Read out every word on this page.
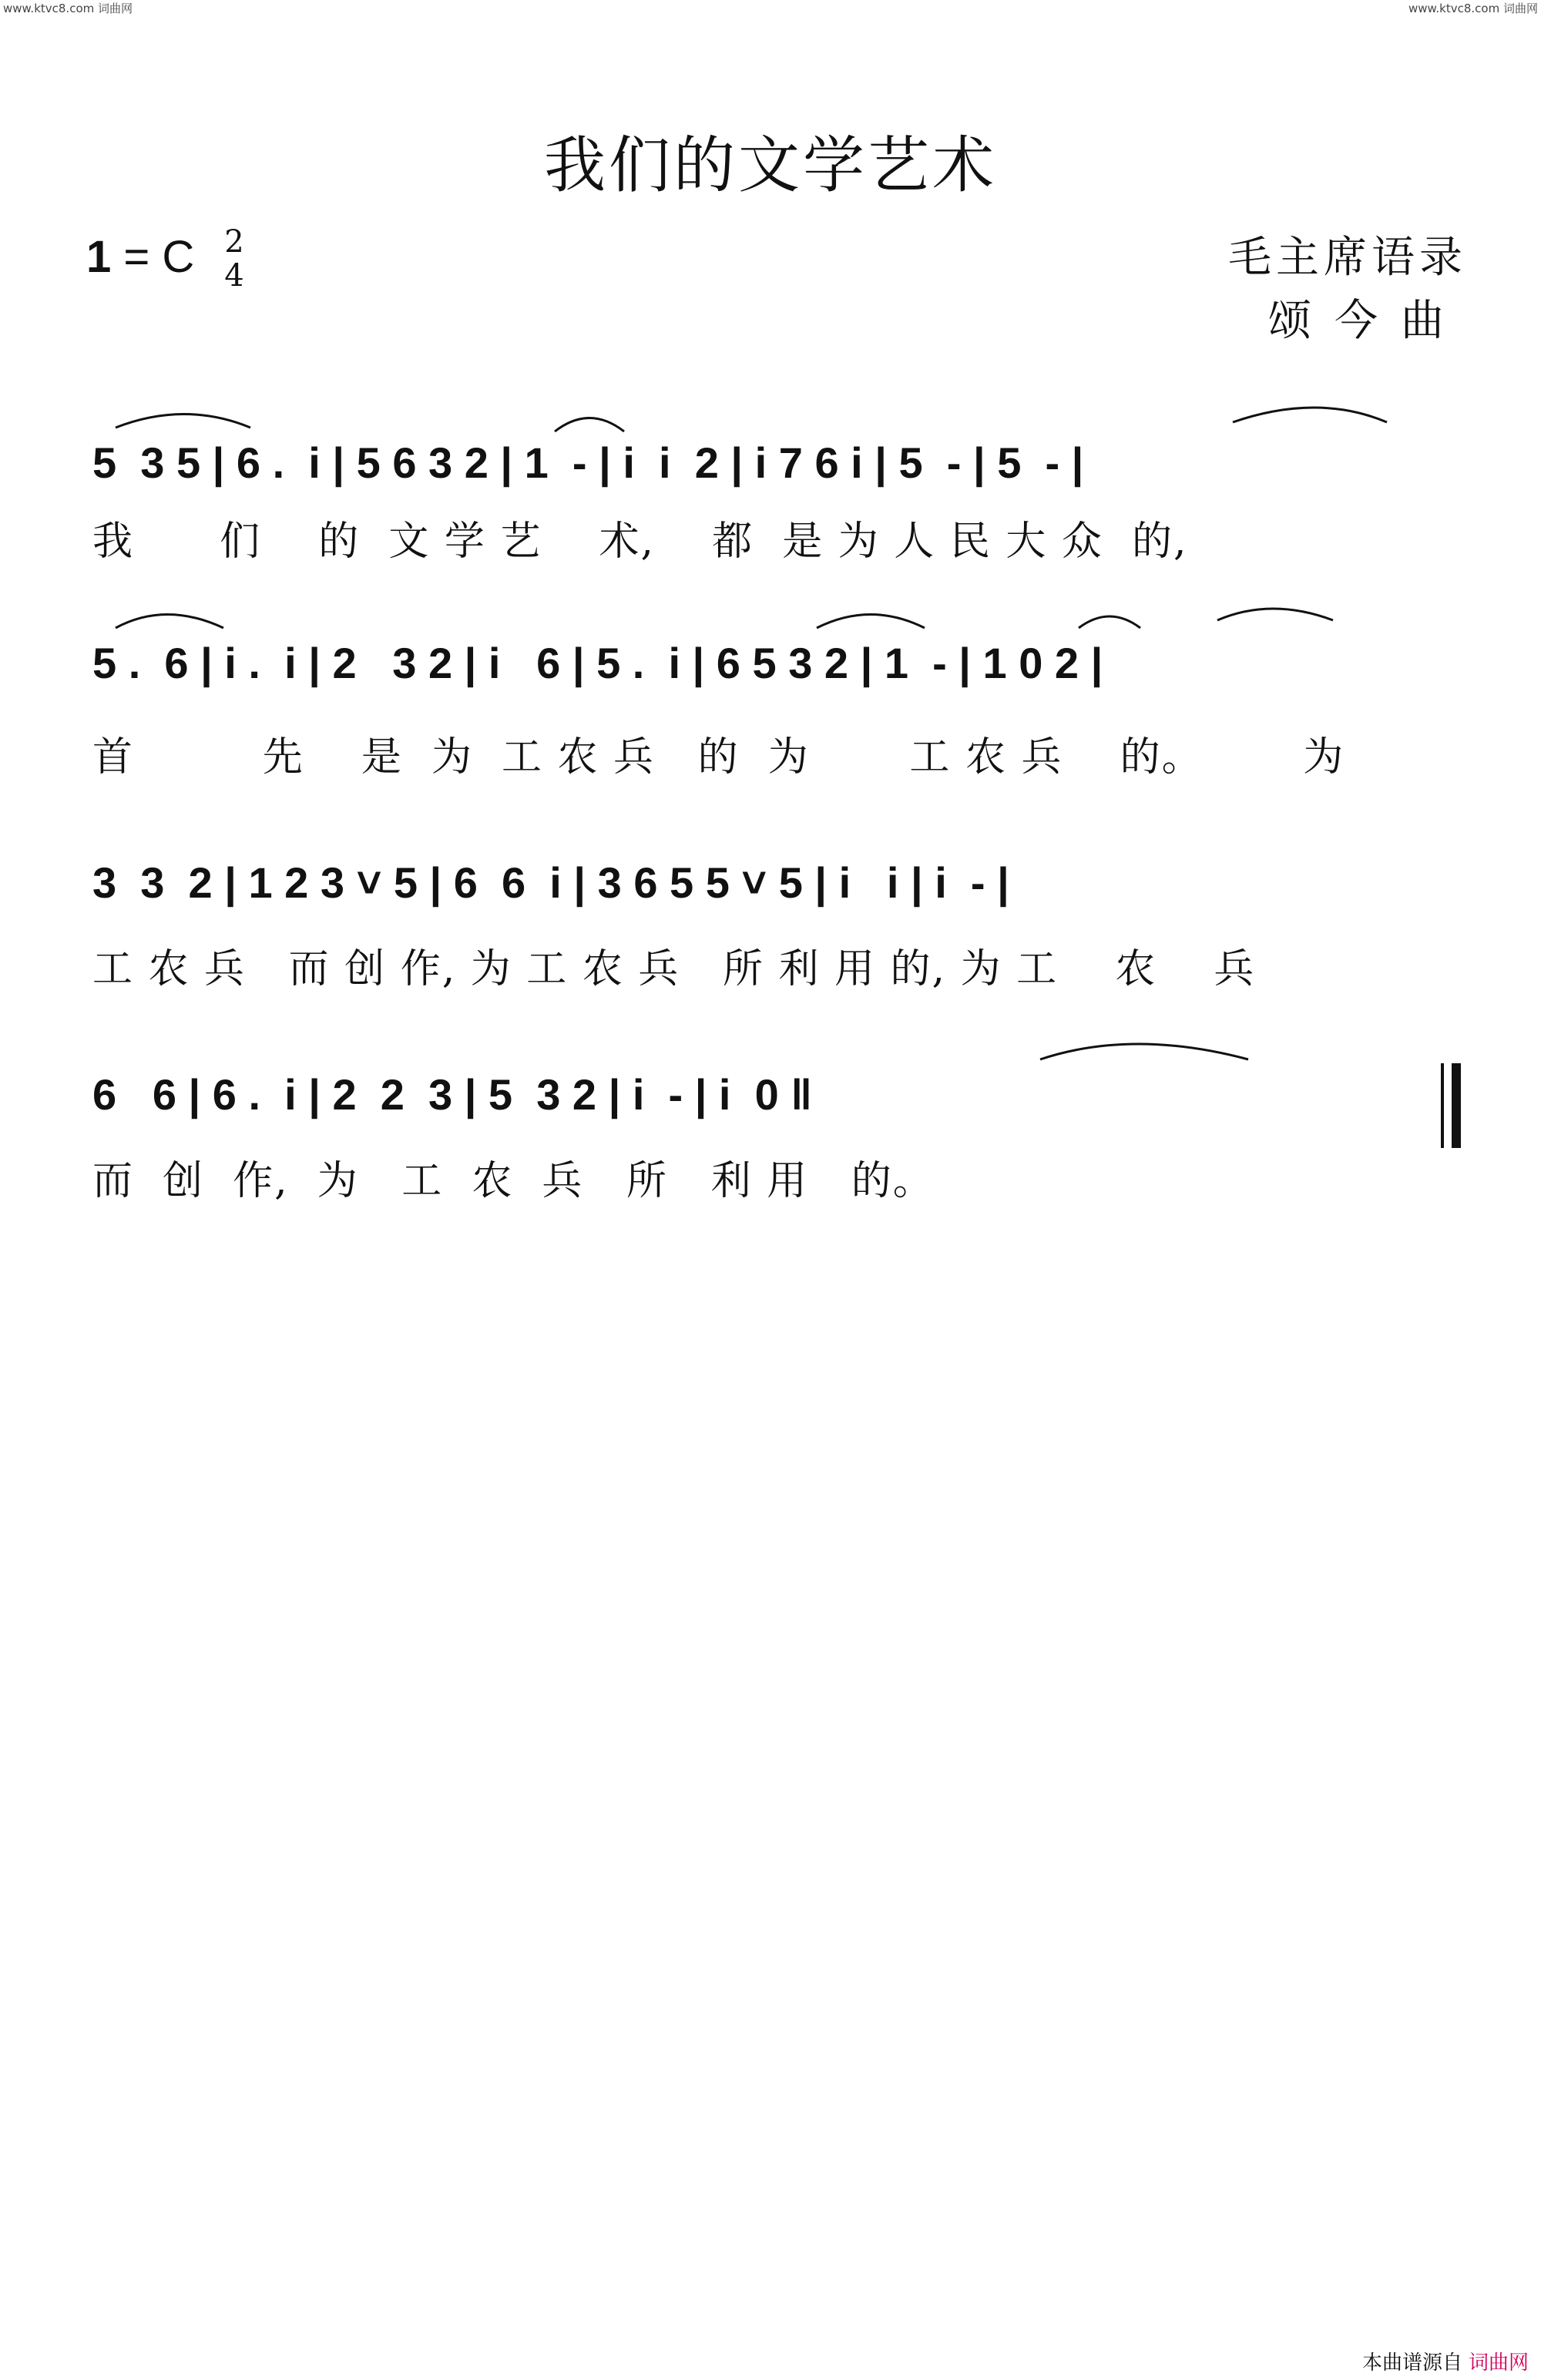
www.ktvc8.com 词曲网	www.ktvc8.com 词曲网
我们的文学艺术
1 = C 2
4	毛主席语录
颂今曲
5  3 5 | 6 .  i | 5 6 3 2 | 1  - | i  i  2 | i 7 6 i | 5  - | 5  - |
5 .  6 | i .  i | 2   3 2 | i   6 | 5 .  i | 6 5 3 2 | 1  - | 1 0 2 |
3  3  2 | 1 2 3 ˅ 5 | 6  6  i | 3 6 5 5 ˅ 5 | i   i | i  - |
6   6 | 6 .  i | 2  2  3 | 5  3 2 | i  - | i  0 ‖
我      们    的  文 学 艺    术,    都  是 为 人 民 大 众  的,
首         先    是  为  工 农 兵   的  为       工 农 兵    的。       为
工 农 兵   而 创 作, 为 工 农 兵   所 利 用 的, 为 工    农    兵
而  创  作,  为   工  农  兵   所   利 用   的。
本曲谱源自 词曲网
